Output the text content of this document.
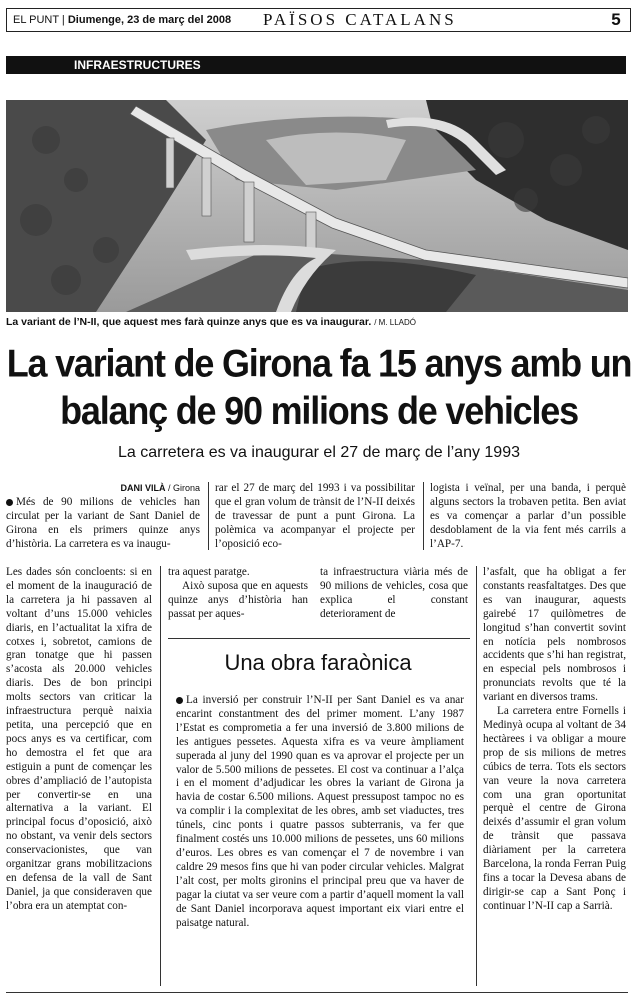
EL PUNT | Diumenge, 23 de març del 2008	PAÏSOS CATALANS	5
INFRAESTRUCTURES
La variant de l’N-II, que aquest mes farà quinze anys que es va inaugurar. / M. LLADÓ
La variant de Girona fa 15 anys amb un balanç de 90 milions de vehicles
La carretera es va inaugurar el 27 de març de l’any 1993
DANI VILÀ / Girona

Més de 90 milions de vehicles han circulat per la variant de Sant Daniel de Girona en els primers quinze anys d’història. La carretera es va inaugu-

rar el 27 de març del 1993 i va possibilitar que el gran volum de trànsit de l’N-II deixés de travessar de punt a punt Girona. La polèmica va acompanyar el projecte per l’oposició eco-

logista i veïnal, per una banda, i perquè alguns sectors la trobaven petita. Ben aviat es va començar a parlar d’un possible desdoblament de la via fent més carrils a l’AP-7.

Les dades són concloents: si en el moment de la inauguració de la carretera ja hi passaven al voltant d’uns 15.000 vehicles diaris, en l’actualitat la xifra de cotxes i, sobretot, camions de gran tonatge que hi passen s’acosta als 20.000 vehicles diaris. Des de bon principi molts sectors van criticar la infraestructura perquè naixia petita, una percepció que en pocs anys es va certificar, com ho demostra el fet que ara estiguin a punt de començar les obres d’ampliació de l’autopista per convertir-se en una alternativa a la variant. El principal focus d’oposició, això no obstant, va venir dels sectors conservacionistes, que van organitzar grans mobilitzacions en defensa de la vall de Sant Daniel, ja que consideraven que l’obra era un atemptat con-

tra aquest paratge.

Això suposa que en aquests quinze anys d’història han passat per aques-

ta infraestructura viària més de 90 milions de vehicles, cosa que explica el constant deteriorament de

Una obra faraònica

La inversió per construir l’N-II per Sant Daniel es va anar encarint constantment des del primer moment. L’any 1987 l’Estat es comprometia a fer una inversió de 3.800 milions de les antigues pessetes. Aquesta xifra es va veure àmpliament superada al juny del 1990 quan es va aprovar el projecte per un valor de 5.500 milions de pessetes. El cost va continuar a l’alça i en el moment d’adjudicar les obres la variant de Girona ja havia de costar 6.500 milions. Aquest pressupost tampoc no es va complir i la complexitat de les obres, amb set viaductes, tres túnels, cinc ponts i quatre passos subterranis, va fer que finalment costés uns 10.000 milions de pessetes, uns 60 milions d’euros. Les obres es van començar el 7 de novembre i van caldre 29 mesos fins que hi van poder circular vehicles. Malgrat l’alt cost, per molts gironins el principal preu que va haver de pagar la ciutat va ser veure com a partir d’aquell moment la vall de Sant Daniel incorporava aquest important eix viari entre el paisatge natural.

l’asfalt, que ha obligat a fer constants reasfaltatges. Des que es van inaugurar, aquests gairebé 17 quilòmetres de longitud s’han convertit sovint en notícia pels nombrosos accidents que s’hi han registrat, en especial pels nombrosos i pronunciats revolts que té la variant en diversos trams.

La carretera entre Fornells i Medinyà ocupa al voltant de 34 hectàrees i va obligar a moure prop de sis milions de metres cúbics de terra. Tots els sectors van veure la nova carretera com una gran oportunitat perquè el centre de Girona deixés d’assumir el gran volum de trànsit que passava diàriament per la carretera Barcelona, la ronda Ferran Puig fins a tocar la Devesa abans de dirigir-se cap a Sant Ponç i continuar l’N-II cap a Sarrià.
